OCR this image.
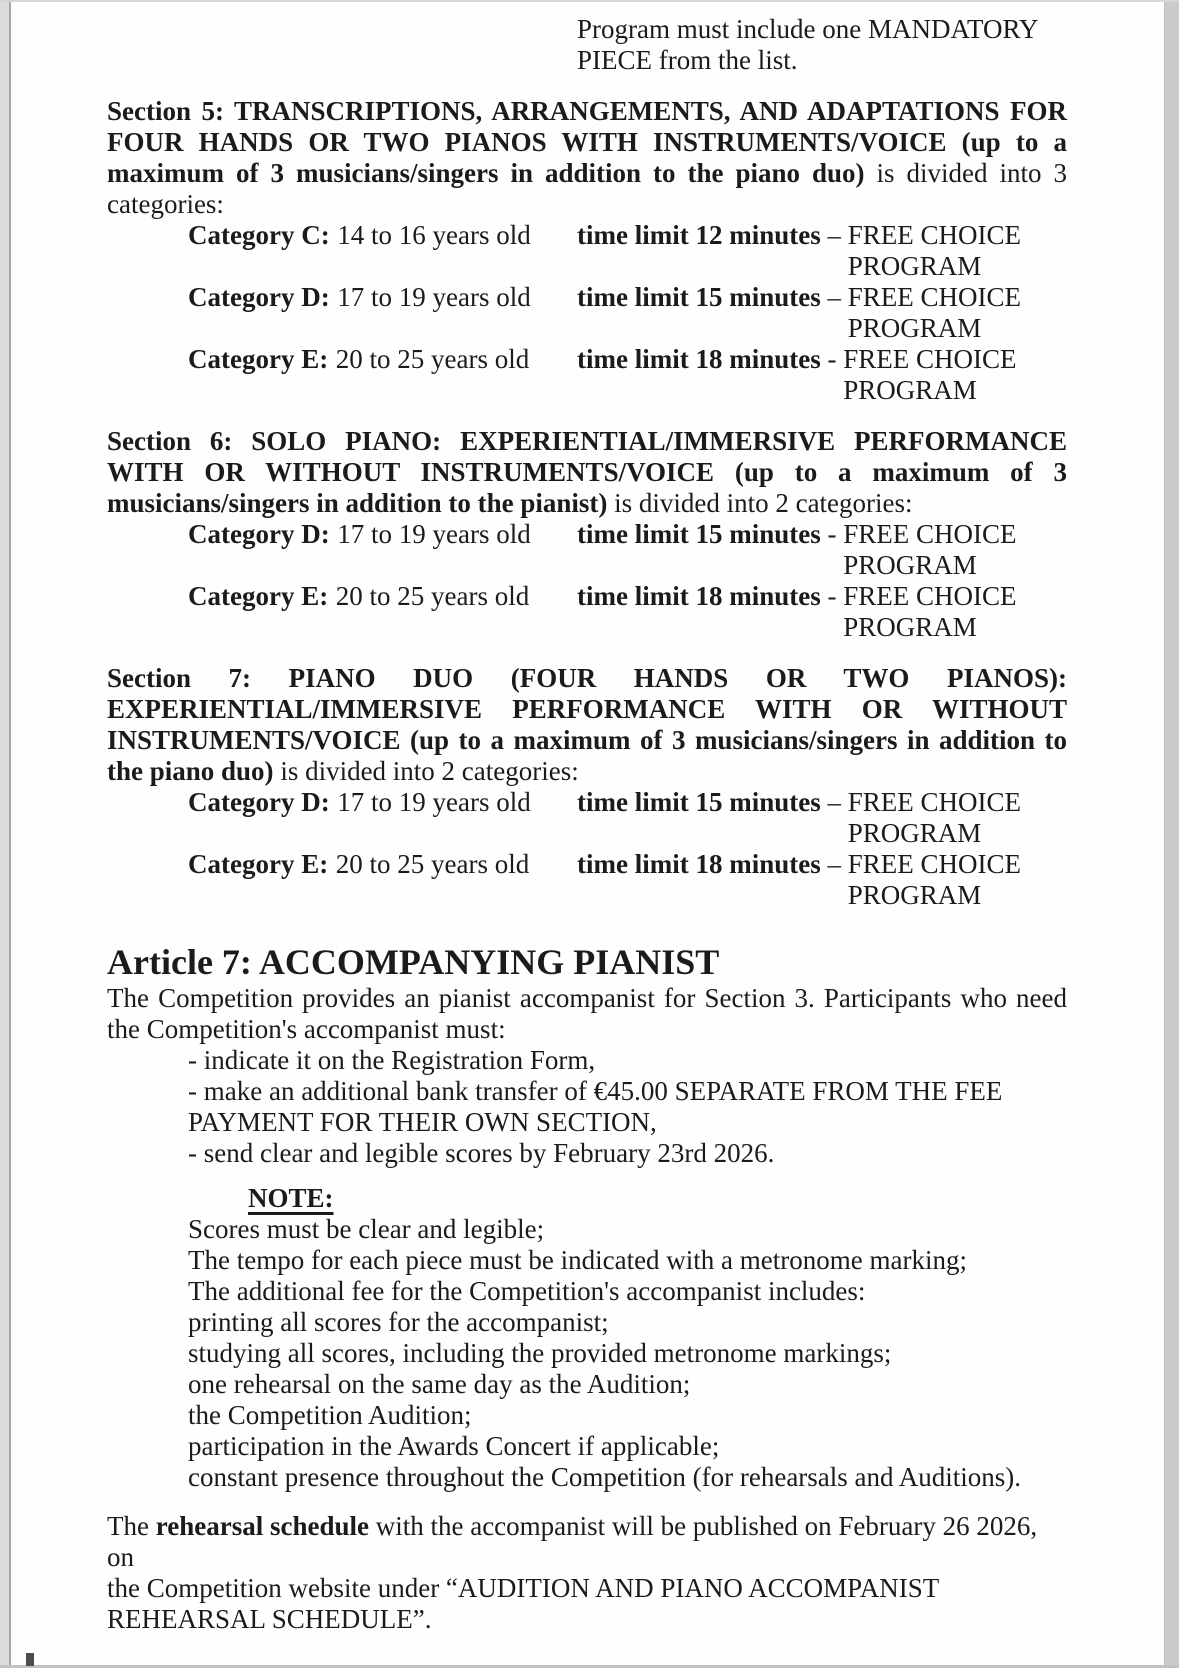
Program must include one MANDATORY
PIECE from the list.
Section 5: TRANSCRIPTIONS, ARRANGEMENTS, AND ADAPTATIONS FOR FOUR HANDS OR TWO PIANOS WITH INSTRUMENTS/VOICE (up to a maximum of 3 musicians/singers in addition to the piano duo) is divided into 3 categories:
Category C: 14 to 16 years old time limit 12 minutes – FREE CHOICE PROGRAM
Category D: 17 to 19 years old time limit 15 minutes – FREE CHOICE PROGRAM
Category E: 20 to 25 years old time limit 18 minutes - FREE CHOICE PROGRAM
Section 6: SOLO PIANO: EXPERIENTIAL/IMMERSIVE PERFORMANCE WITH OR WITHOUT INSTRUMENTS/VOICE (up to a maximum of 3 musicians/singers in addition to the pianist) is divided into 2 categories:
Category D: 17 to 19 years old time limit 15 minutes - FREE CHOICE PROGRAM
Category E: 20 to 25 years old time limit 18 minutes - FREE CHOICE PROGRAM
Section 7: PIANO DUO (FOUR HANDS OR TWO PIANOS): EXPERIENTIAL/IMMERSIVE PERFORMANCE WITH OR WITHOUT INSTRUMENTS/VOICE (up to a maximum of 3 musicians/singers in addition to the piano duo) is divided into 2 categories:
Category D: 17 to 19 years old time limit 15 minutes – FREE CHOICE PROGRAM
Category E: 20 to 25 years old time limit 18 minutes – FREE CHOICE PROGRAM
Article 7: ACCOMPANYING PIANIST
The Competition provides an pianist accompanist for Section 3. Participants who need the Competition's accompanist must:
- indicate it on the Registration Form,
- make an additional bank transfer of €45.00 SEPARATE FROM THE FEE
PAYMENT FOR THEIR OWN SECTION,
- send clear and legible scores by February 23rd 2026.
NOTE:
Scores must be clear and legible;
The tempo for each piece must be indicated with a metronome marking;
The additional fee for the Competition's accompanist includes:
printing all scores for the accompanist;
studying all scores, including the provided metronome markings;
one rehearsal on the same day as the Audition;
the Competition Audition;
participation in the Awards Concert if applicable;
constant presence throughout the Competition (for rehearsals and Auditions).
The rehearsal schedule with the accompanist will be published on February 26 2026, on
the Competition website under “AUDITION AND PIANO ACCOMPANIST
REHEARSAL SCHEDULE”.
